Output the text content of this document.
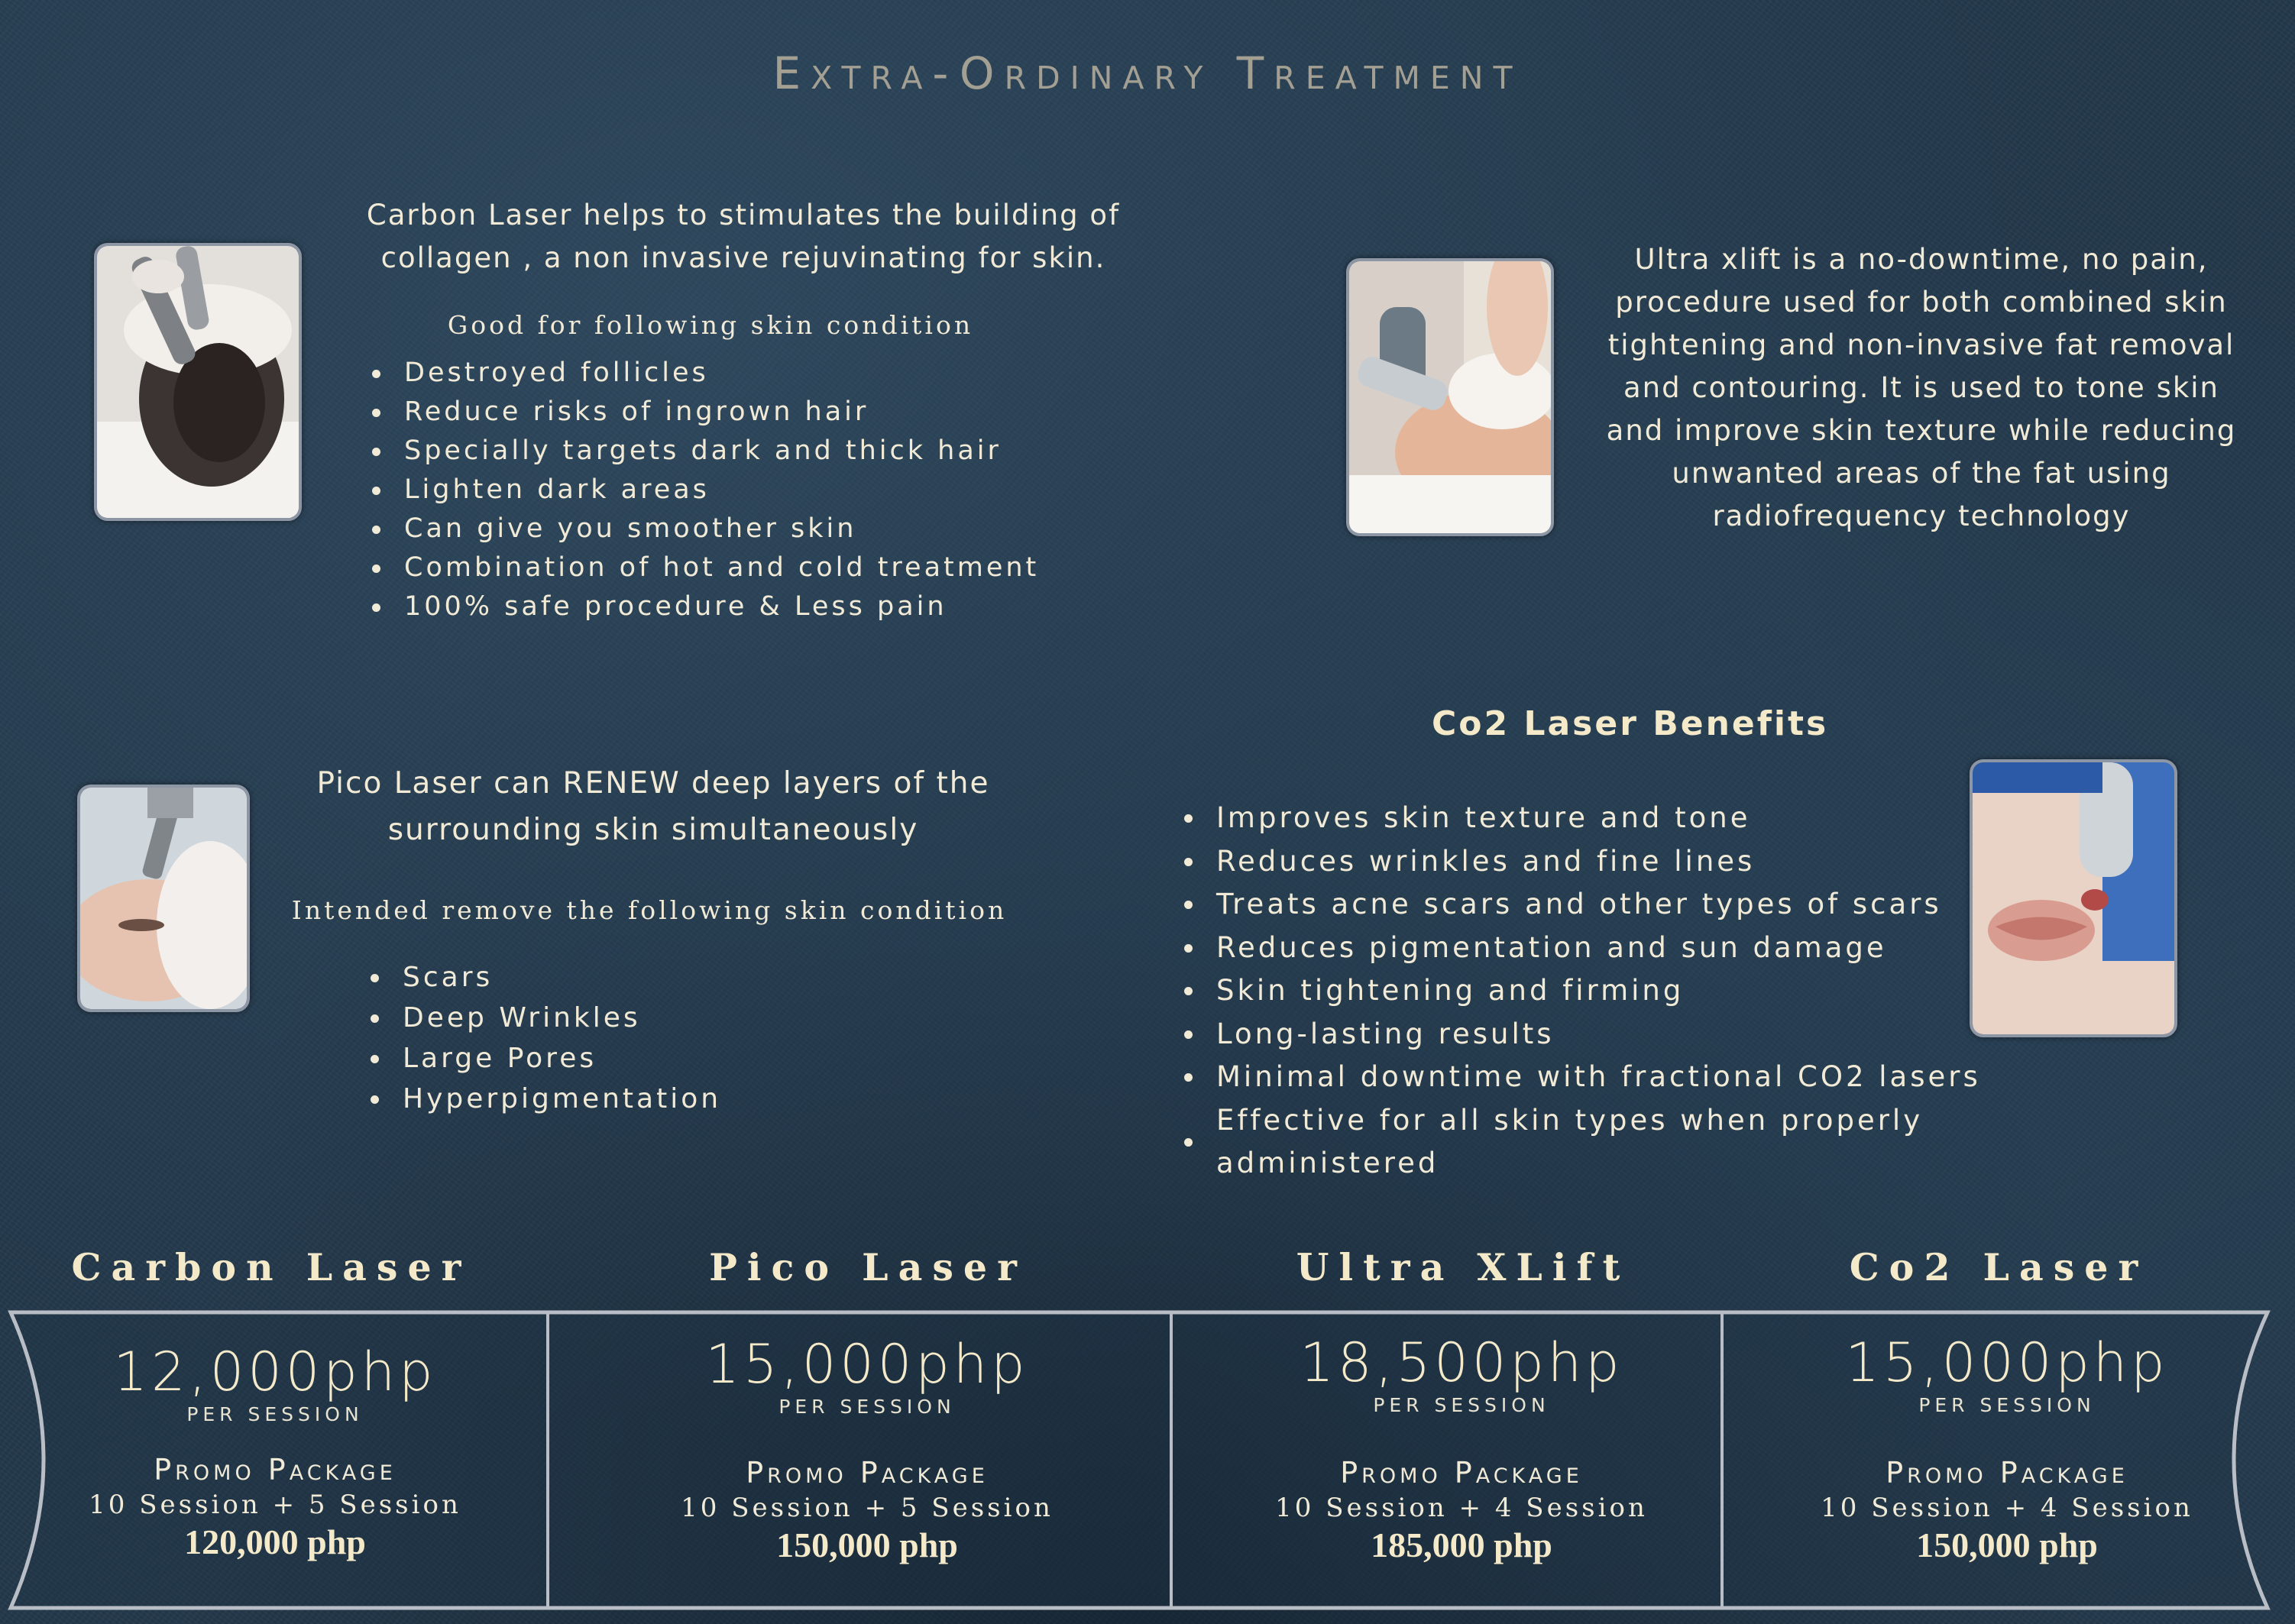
Extra-Ordinary Treatment
Carbon Laser helps to stimulates the building of collagen , a non invasive rejuvinating for skin.
Good for following skin condition
Destroyed follicles
Reduce risks of ingrown hair
Specially targets dark and thick hair
Lighten dark areas
Can give you smoother skin
Combination of hot and cold treatment
100% safe procedure & Less pain
Ultra xlift is a no-downtime, no pain, procedure used for both combined skin tightening and non-invasive fat removal and contouring. It is used to tone skin and improve skin texture while reducing unwanted areas of the fat using radiofrequency technology
Pico Laser can RENEW deep layers of the surrounding skin simultaneously
Intended remove the following skin condition
Scars
Deep Wrinkles
Large Pores
Hyperpigmentation
Co2 Laser Benefits
Improves skin texture and tone
Reduces wrinkles and fine lines
Treats acne scars and other types of scars
Reduces pigmentation and sun damage
Skin tightening and firming
Long-lasting results
Minimal downtime with fractional CO2 lasers
Effective for all skin types when properly administered
Carbon Laser	Pico Laser	Ultra XLift	Co2 Laser
12,000php
PER SESSION
Promo Package
10 Session + 5 Session
120,000 php
15,000php
PER SESSION
Promo Package
10 Session + 5 Session
150,000 php
18,500php
PER SESSION
Promo Package
10 Session + 4 Session
185,000 php
15,000php
PER SESSION
Promo Package
10 Session + 4 Session
150,000 php
